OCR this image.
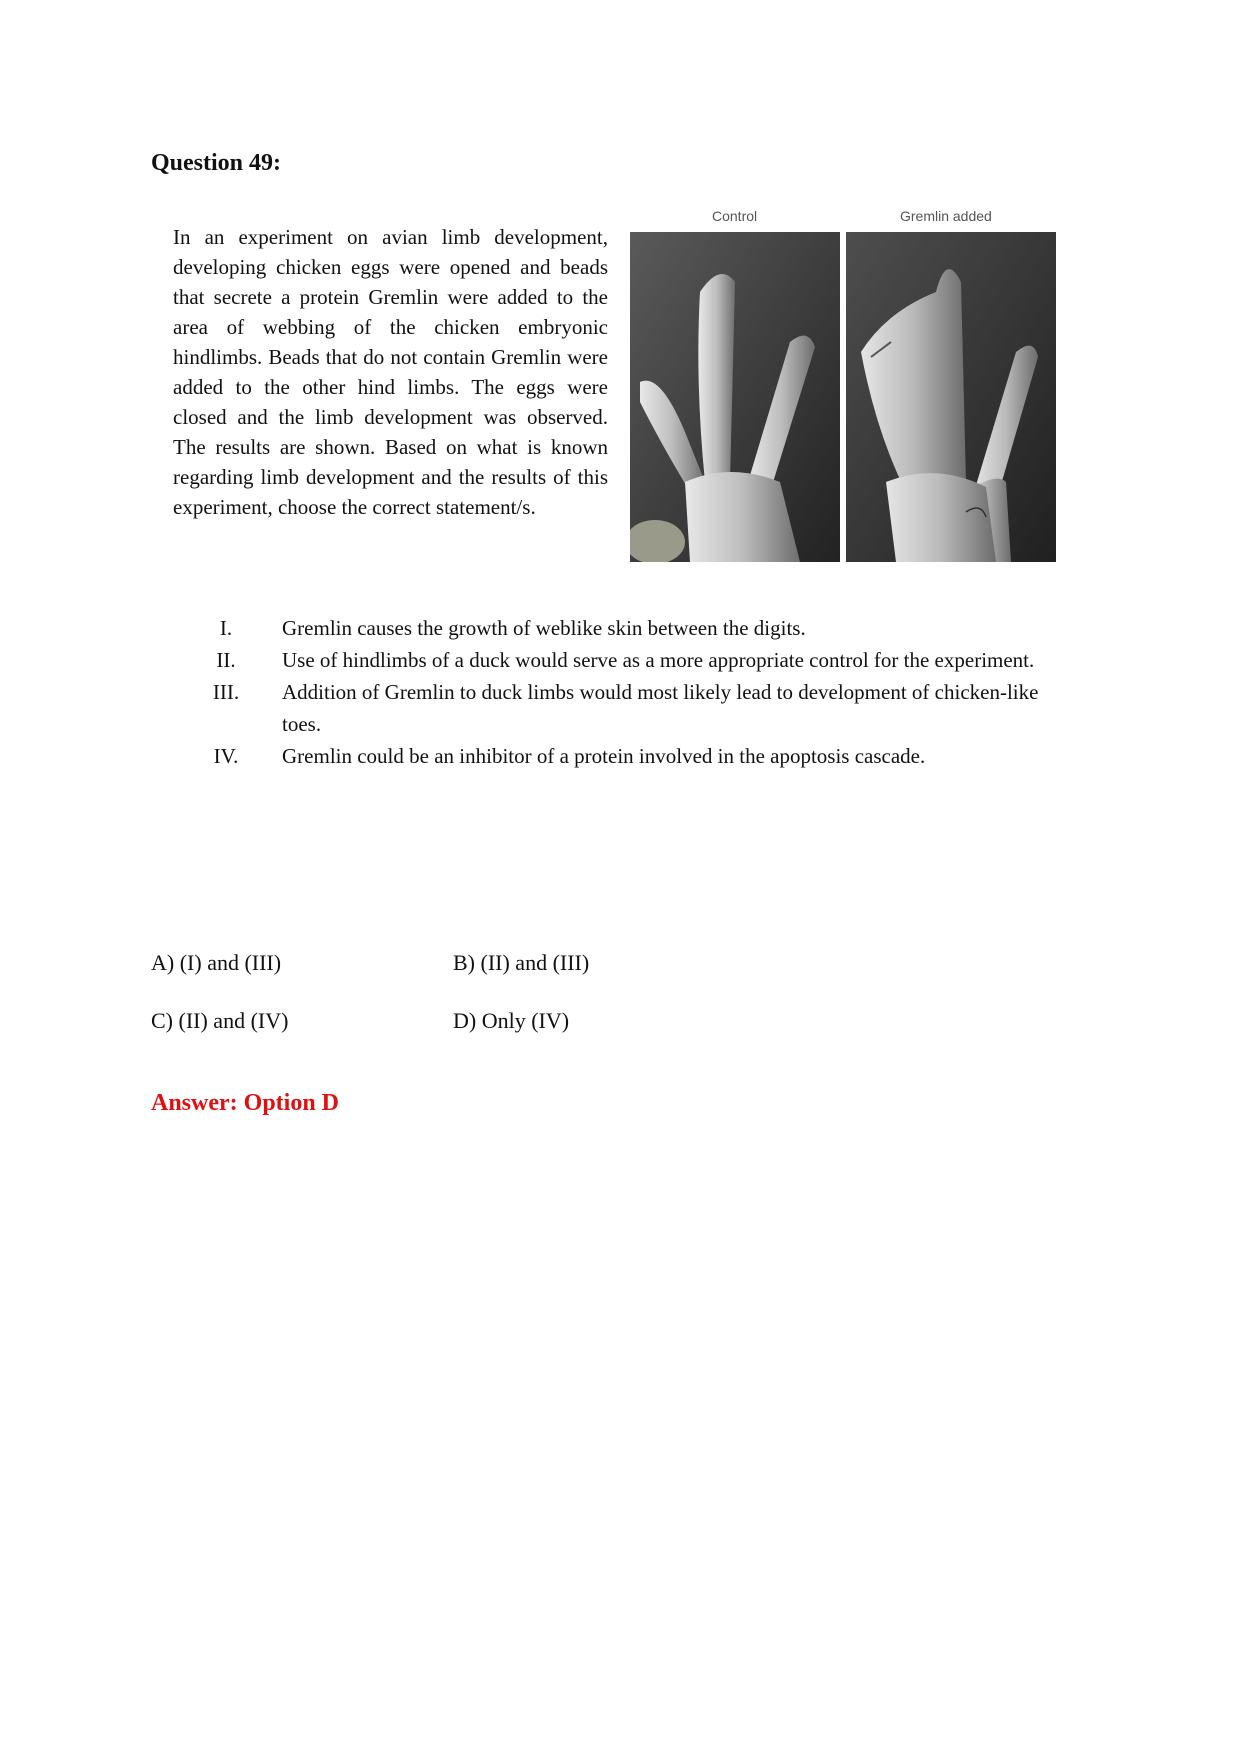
Question 49:
In an experiment on avian limb development, developing chicken eggs were opened and beads that secrete a protein Gremlin were added to the area of webbing of the chicken embryonic hindlimbs. Beads that do not contain Gremlin were added to the other hind limbs. The eggs were closed and the limb development was observed. The results are shown. Based on what is known regarding limb development and the results of this experiment, choose the correct statement/s.
Control	Gremlin added
I.	Gremlin causes the growth of weblike skin between the digits.
II.	Use of hindlimbs of a duck would serve as a more appropriate control for the experiment.
III.	Addition of Gremlin to duck limbs would most likely lead to development of chicken-like toes.
IV.	Gremlin could be an inhibitor of a protein involved in the apoptosis cascade.
A) (I) and (III)	B) (II) and (III)
C) (II) and (IV)	D) Only (IV)
Answer: Option D
